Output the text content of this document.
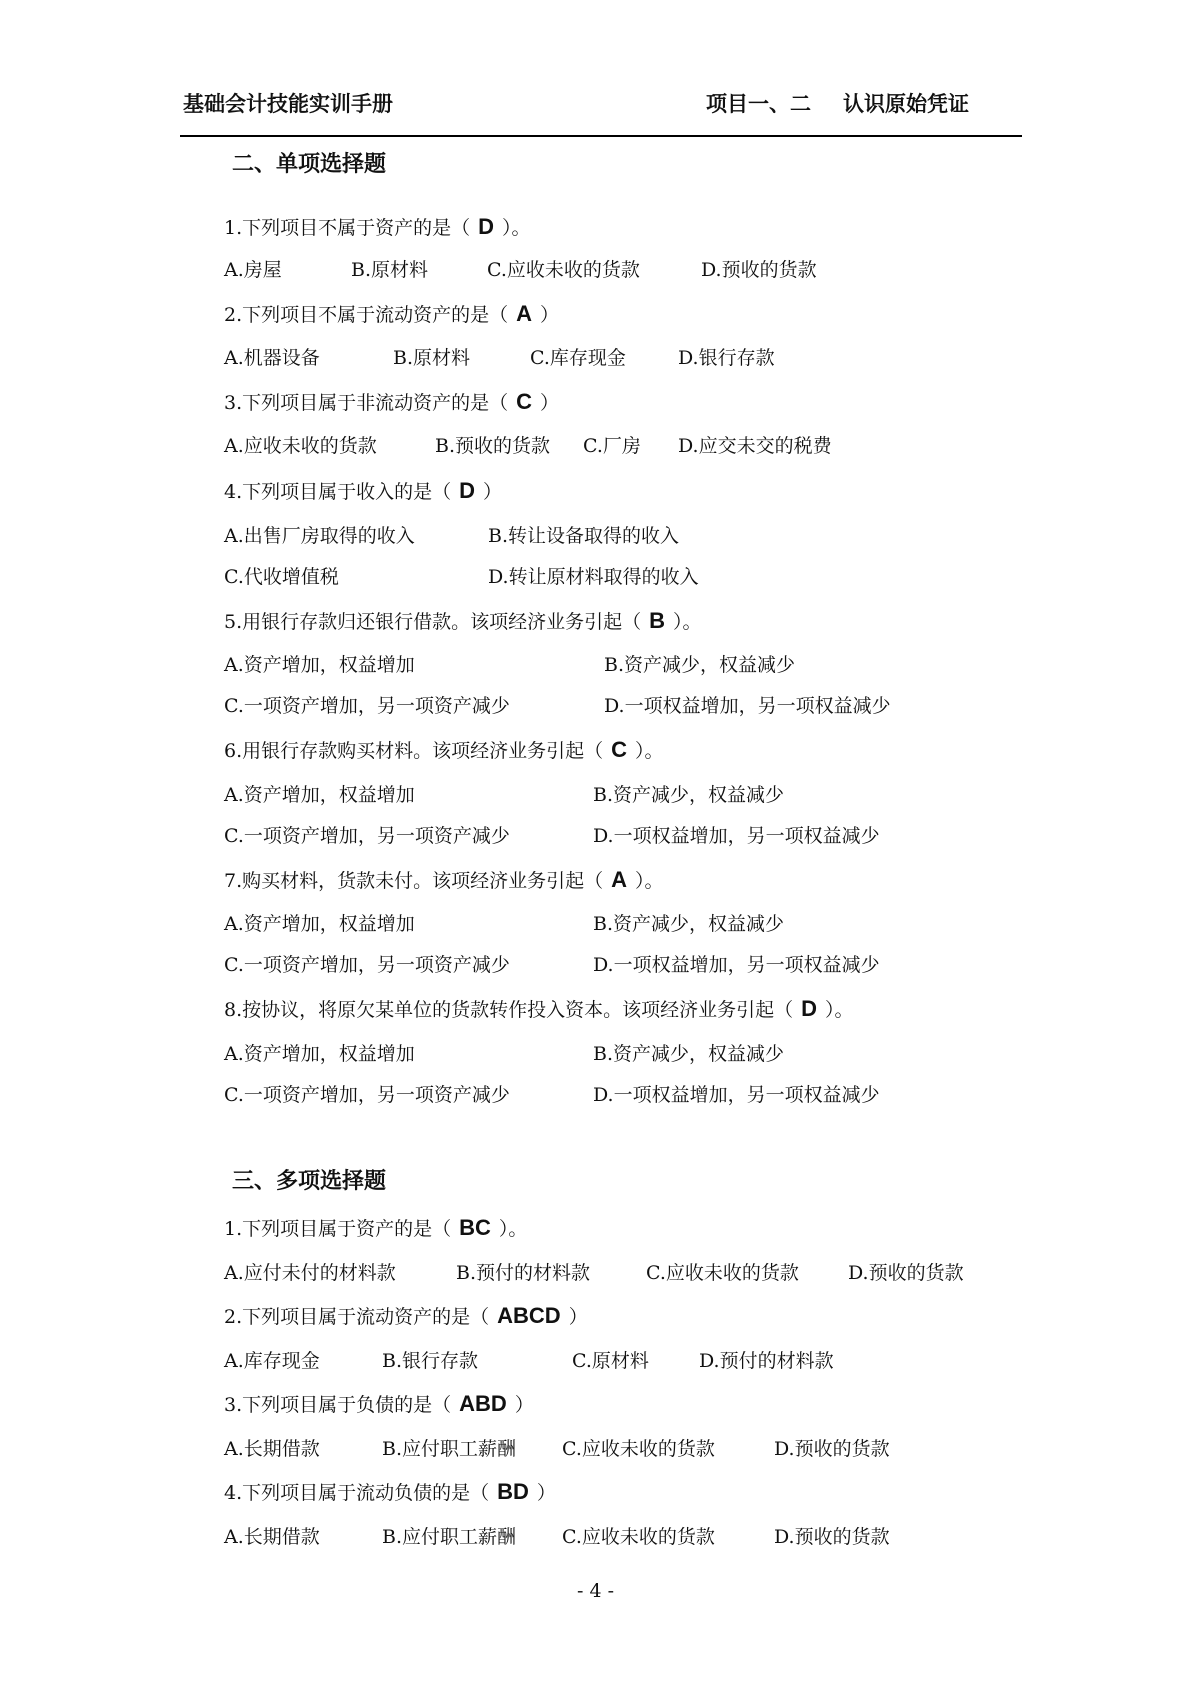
基础会计技能实训手册	项目一、二 认识原始凭证
二、单项选择题
1.下列项目不属于资产的是（ D ）。
A.房屋	B.原材料	C.应收未收的货款	D.预收的货款
2.下列项目不属于流动资产的是（ A ）
A.机器设备	B.原材料	C.库存现金	D.银行存款
3.下列项目属于非流动资产的是（ C ）
A.应收未收的货款	B.预收的货款 C.厂房 D.应交未交的税费
4.下列项目属于收入的是（ D ）
A.出售厂房取得的收入	B.转让设备取得的收入
C.代收增值税	D.转让原材料取得的收入
5.用银行存款归还银行借款。该项经济业务引起（ B ）。
A.资产增加，权益增加	B.资产减少，权益减少
C.一项资产增加，另一项资产减少	D.一项权益增加，另一项权益减少
6.用银行存款购买材料。该项经济业务引起（ C ）。
A.资产增加，权益增加	B.资产减少，权益减少
C.一项资产增加，另一项资产减少	D.一项权益增加，另一项权益减少
7.购买材料，货款未付。该项经济业务引起（ A ）。
A.资产增加，权益增加	B.资产减少，权益减少
C.一项资产增加，另一项资产减少	D.一项权益增加，另一项权益减少
8.按协议，将原欠某单位的货款转作投入资本。该项经济业务引起（ D ）。
A.资产增加，权益增加	B.资产减少，权益减少
C.一项资产增加，另一项资产减少	D.一项权益增加，另一项权益减少
三、多项选择题
1.下列项目属于资产的是（ BC ）。
A.应付未付的材料款	B.预付的材料款	C.应收未收的货款	D.预收的货款
2.下列项目属于流动资产的是（ ABCD ）
A.库存现金	B.银行存款	C.原材料	D.预付的材料款
3.下列项目属于负债的是（ ABD ）
A.长期借款	B.应付职工薪酬 C.应收未收的货款	D.预收的货款
4.下列项目属于流动负债的是（ BD ）
A.长期借款	B.应付职工薪酬 C.应收未收的货款	D.预收的货款
- 4 -
